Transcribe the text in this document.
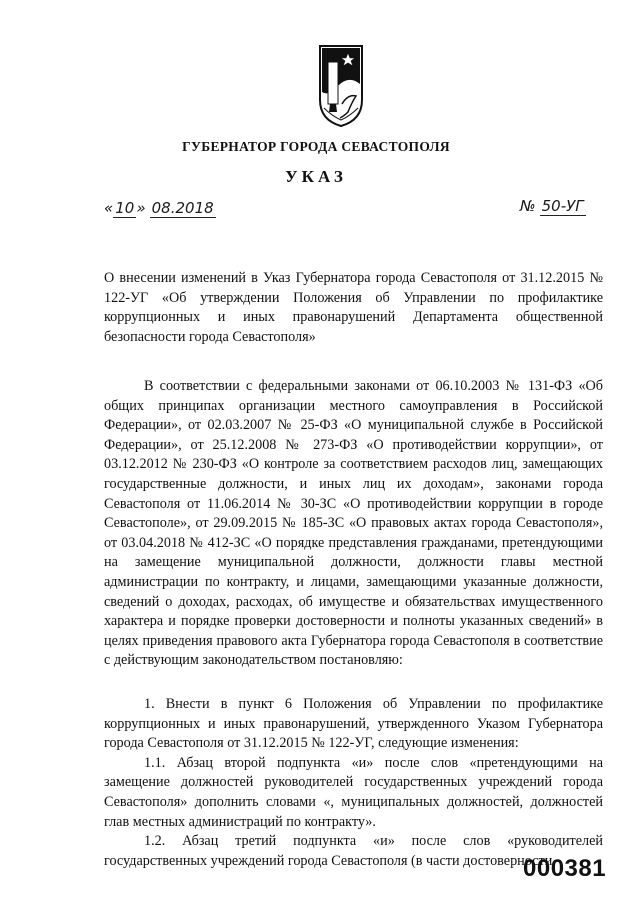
ГУБЕРНАТОР ГОРОДА СЕВАСТОПОЛЯ
УКАЗ
« 10 » 08.2018	№ 50-УГ
О внесении изменений в Указ Губернатора города Севастополя от 31.12.2015 № 122-УГ «Об утверждении Положения об Управлении по профилактике коррупционных и иных правонарушений Департамента общественной безопасности города Севастополя»

В соответствии с федеральными законами от 06.10.2003 № 131-ФЗ «Об общих принципах организации местного самоуправления в Российской Федерации», от 02.03.2007 № 25-ФЗ «О муниципальной службе в Российской Федерации», от 25.12.2008 № 273-ФЗ «О противодействии коррупции», от 03.12.2012 № 230-ФЗ «О контроле за соответствием расходов лиц, замещающих государственные должности, и иных лиц их доходам», законами города Севастополя от 11.06.2014 № 30-ЗС «О противодействии коррупции в городе Севастополе», от 29.09.2015 № 185-ЗС «О правовых актах города Севастополя», от 03.04.2018 № 412-ЗС «О порядке представления гражданами, претендующими на замещение муниципальной должности, должности главы местной администрации по контракту, и лицами, замещающими указанные должности, сведений о доходах, расходах, об имуществе и обязательствах имущественного характера и порядке проверки достоверности и полноты указанных сведений» в целях приведения правового акта Губернатора города Севастополя в соответствие с действующим законодательством постановляю:

1. Внести в пункт 6 Положения об Управлении по профилактике коррупционных и иных правонарушений, утвержденного Указом Губернатора города Севастополя от 31.12.2015 № 122-УГ, следующие изменения:

1.1. Абзац второй подпункта «и» после слов «претендующими на замещение должностей руководителей государственных учреждений города Севастополя» дополнить словами «, муниципальных должностей, должностей глав местных администраций по контракту».

1.2. Абзац третий подпункта «и» после слов «руководителей государственных учреждений города Севастополя (в части достоверности

000381
